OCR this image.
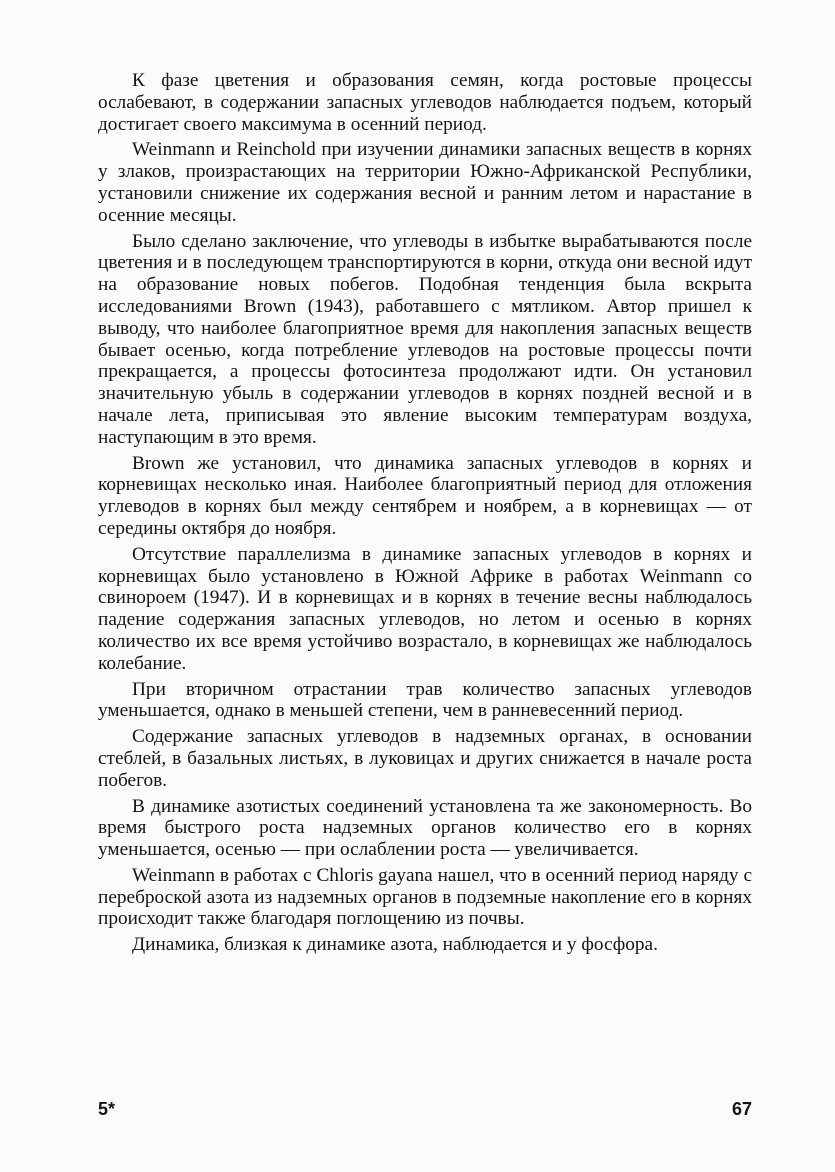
К фазе цветения и образования семян, когда ростовые процессы ослабевают, в содержании запасных углеводов наблюдается подъем, который достигает своего максимума в осенний период.

Weinmann и Reinchold при изучении динамики запасных веществ в корнях у злаков, произрастающих на территории Южно-Африканской Республики, установили снижение их содержания весной и ранним летом и нарастание в осенние месяцы.

Было сделано заключение, что углеводы в избытке вырабатываются после цветения и в последующем транспортируются в корни, откуда они весной идут на образование новых побегов. Подобная тенденция была вскрыта исследованиями Brown (1943), работавшего с мятликом. Автор пришел к выводу, что наиболее благоприятное время для накопления запасных веществ бывает осенью, когда потребление углеводов на ростовые процессы почти прекращается, а процессы фотосинтеза продолжают идти. Он установил значительную убыль в содержании углеводов в корнях поздней весной и в начале лета, приписывая это явление высоким температурам воздуха, наступающим в это время.

Brown же установил, что динамика запасных углеводов в корнях и корневищах несколько иная. Наиболее благоприятный период для отложения углеводов в корнях был между сентябрем и ноябрем, а в корневищах — от середины октября до ноября.

Отсутствие параллелизма в динамике запасных углеводов в корнях и корневищах было установлено в Южной Африке в работах Weinmann со свинороем (1947). И в корневищах и в корнях в течение весны наблюдалось падение содержания запасных углеводов, но летом и осенью в корнях количество их все время устойчиво возрастало, в корневищах же наблюдалось колебание.

При вторичном отрастании трав количество запасных углеводов уменьшается, однако в меньшей степени, чем в ранневесенний период.

Содержание запасных углеводов в надземных органах, в основании стеблей, в базальных листьях, в луковицах и других снижается в начале роста побегов.

В динамике азотистых соединений установлена та же закономерность. Во время быстрого роста надземных органов количество его в корнях уменьшается, осенью — при ослаблении роста — увеличивается.

Weinmann в работах с Chloris gayana нашел, что в осенний период наряду с переброской азота из надземных органов в подземные накопление его в корнях происходит также благодаря поглощению из почвы.

Динамика, близкая к динамике азота, наблюдается и у фосфора.

5*	67
